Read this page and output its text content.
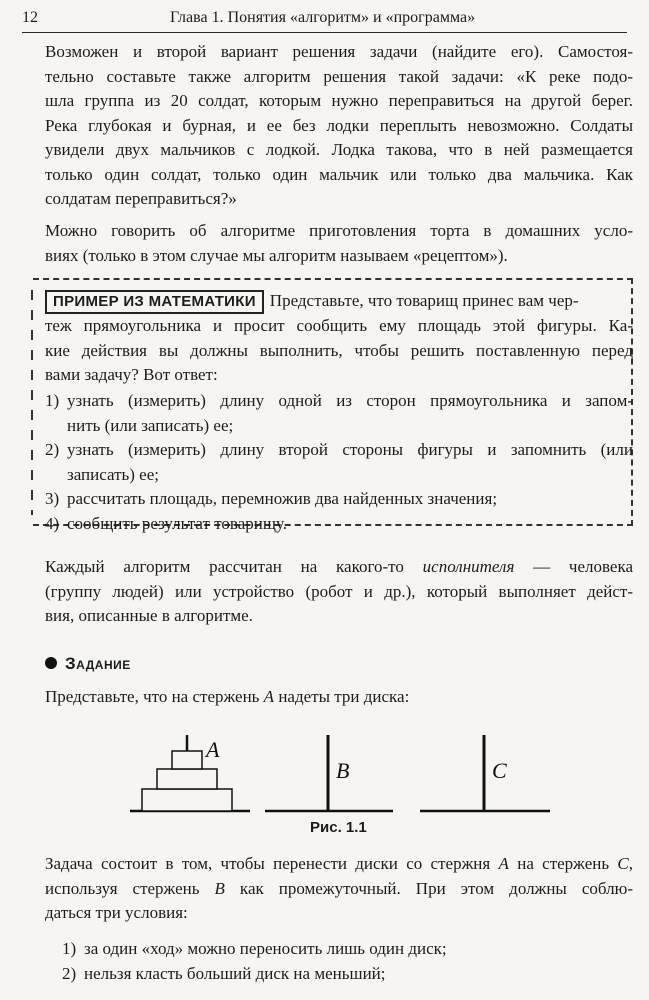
12	Глава 1. Понятия «алгоритм» и «программа»
Возможен и второй вариант решения задачи (найдите его). Самостоя-
тельно составьте также алгоритм решения такой задачи: «К реке подо-
шла группа из 20 солдат, которым нужно переправиться на другой берег.
Река глубокая и бурная, и ее без лодки переплыть невозможно. Солдаты
увидели двух мальчиков с лодкой. Лодка такова, что в ней размещается
только один солдат, только один мальчик или только два мальчика. Как
солдатам переправиться?»
Можно говорить об алгоритме приготовления торта в домашних усло-
виях (только в этом случае мы алгоритм называем «рецептом»).
ПРИМЕР ИЗ МАТЕМАТИКИ Представьте, что товарищ принес вам чер-
теж прямоугольника и просит сообщить ему площадь этой фигуры. Ка-
кие действия вы должны выполнить, чтобы решить поставленную перед
вами задачу? Вот ответ:
1) узнать (измерить) длину одной из сторон прямоугольника и запом-
нить (или записать) ее;
2) узнать (измерить) длину второй стороны фигуры и запомнить (или
записать) ее;
3) рассчитать площадь, перемножив два найденных значения;
4) сообщить результат товарищу.
Каждый алгоритм рассчитан на какого-то исполнителя — человека
(группу людей) или устройство (робот и др.), который выполняет дейст-
вия, описанные в алгоритме.
Задание
Представьте, что на стержень A надеты три диска:
A
B	C
Рис. 1.1
Задача состоит в том, чтобы перенести диски со стержня A на стержень C,
используя стержень B как промежуточный. При этом должны соблю-
даться три условия:
1) за один «ход» можно переносить лишь один диск;
2) нельзя класть больший диск на меньший;
